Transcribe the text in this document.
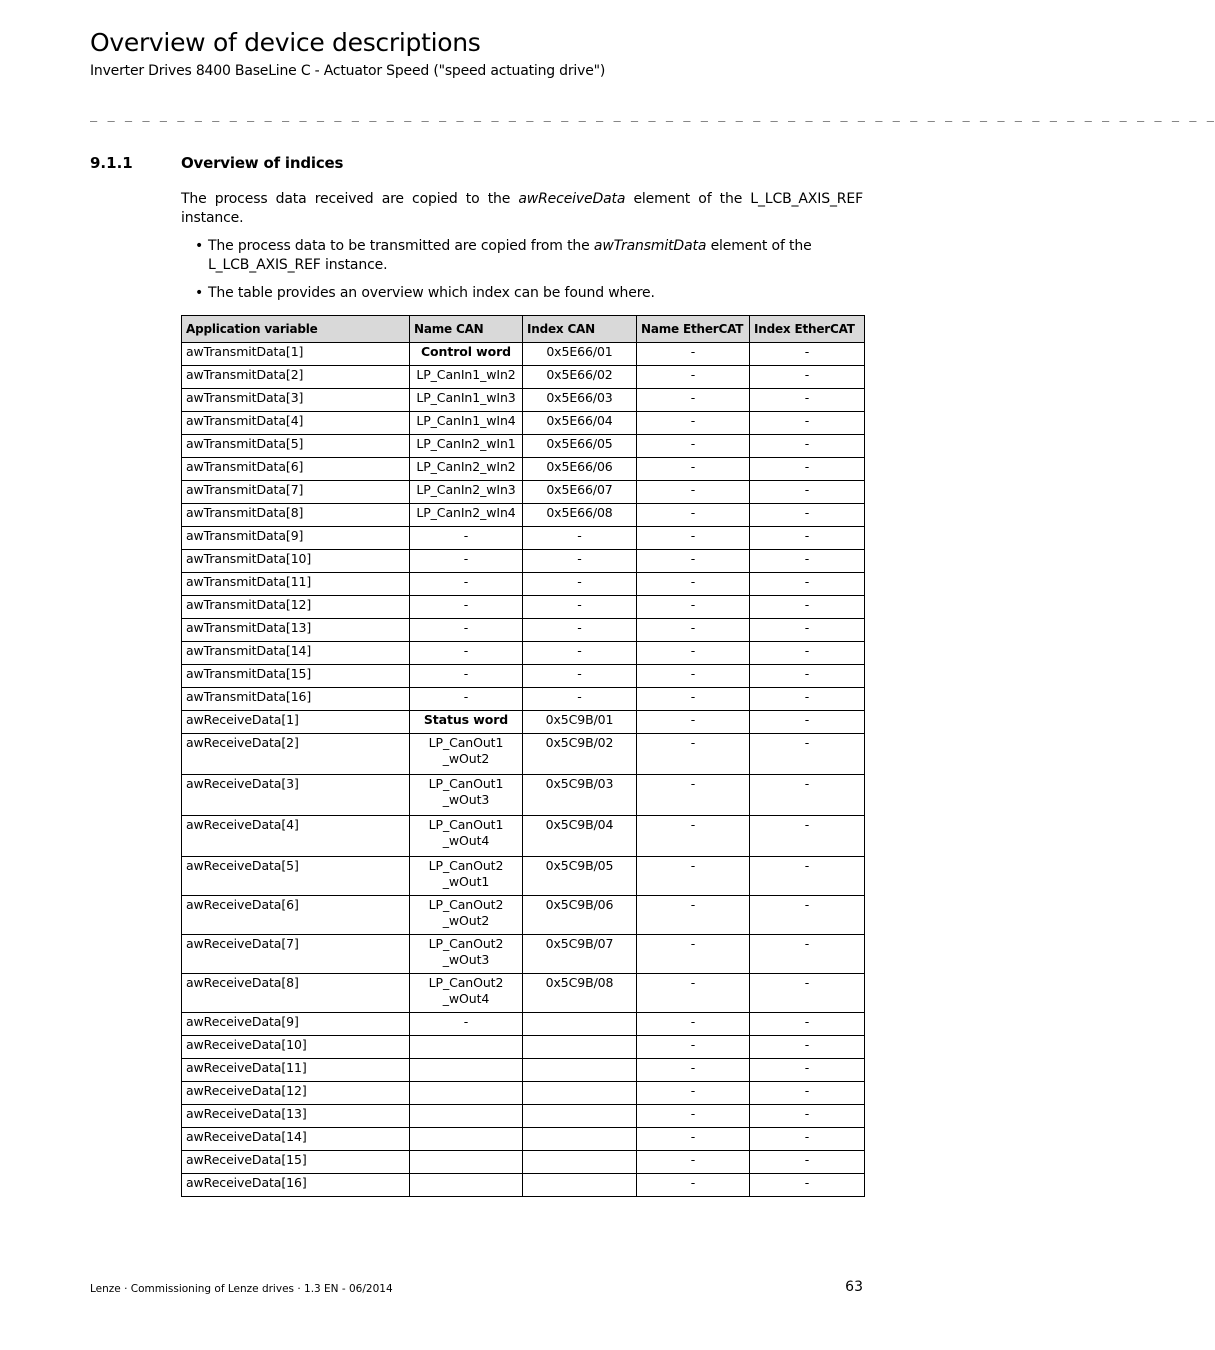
Overview of device descriptions
Inverter Drives 8400 BaseLine C - Actuator Speed ("speed actuating drive")
_ _ _ _ _ _ _ _ _ _ _ _ _ _ _ _ _ _ _ _ _ _ _ _ _ _ _ _ _ _ _ _ _ _ _ _ _ _ _ _ _ _ _ _ _ _ _ _ _ _ _ _ _ _ _ _ _ _ _ _ _ _ _ _ _
9.1.1	Overview of indices

The process data received are copied to the awReceiveData element of the L_LCB_AXIS_REF instance.

• The process data to be transmitted are copied from the awTransmitData element of the L_LCB_AXIS_REF instance.
• The table provides an overview which index can be found where.
Application variable	Name CAN	Index CAN	Name EtherCAT	Index EtherCAT
awTransmitData[1]	Control word	0x5E66/01	-	-
awTransmitData[2]	LP_CanIn1_wIn2	0x5E66/02	-	-
awTransmitData[3]	LP_CanIn1_wIn3	0x5E66/03	-	-
awTransmitData[4]	LP_CanIn1_wIn4	0x5E66/04	-	-
awTransmitData[5]	LP_CanIn2_wIn1	0x5E66/05	-	-
awTransmitData[6]	LP_CanIn2_wIn2	0x5E66/06	-	-
awTransmitData[7]	LP_CanIn2_wIn3	0x5E66/07	-	-
awTransmitData[8]	LP_CanIn2_wIn4	0x5E66/08	-	-
awTransmitData[9]	-	-	-	-
awTransmitData[10]	-	-	-	-
awTransmitData[11]	-	-	-	-
awTransmitData[12]	-	-	-	-
awTransmitData[13]	-	-	-	-
awTransmitData[14]	-	-	-	-
awTransmitData[15]	-	-	-	-
awTransmitData[16]	-	-	-	-
awReceiveData[1]	Status word	0x5C9B/01	-	-
awReceiveData[2]	LP_CanOut1
_wOut2	0x5C9B/02	-	-
awReceiveData[3]	LP_CanOut1
_wOut3	0x5C9B/03	-	-
awReceiveData[4]	LP_CanOut1
_wOut4	0x5C9B/04	-	-
awReceiveData[5]	LP_CanOut2
_wOut1	0x5C9B/05	-	-
awReceiveData[6]	LP_CanOut2
_wOut2	0x5C9B/06	-	-
awReceiveData[7]	LP_CanOut2
_wOut3	0x5C9B/07	-	-
awReceiveData[8]	LP_CanOut2
_wOut4	0x5C9B/08	-	-
awReceiveData[9]	-		-	-
awReceiveData[10]			-	-
awReceiveData[11]			-	-
awReceiveData[12]			-	-
awReceiveData[13]			-	-
awReceiveData[14]			-	-
awReceiveData[15]			-	-
awReceiveData[16]			-	-
Lenze · Commissioning of Lenze drives · 1.3 EN - 06/2014	63
